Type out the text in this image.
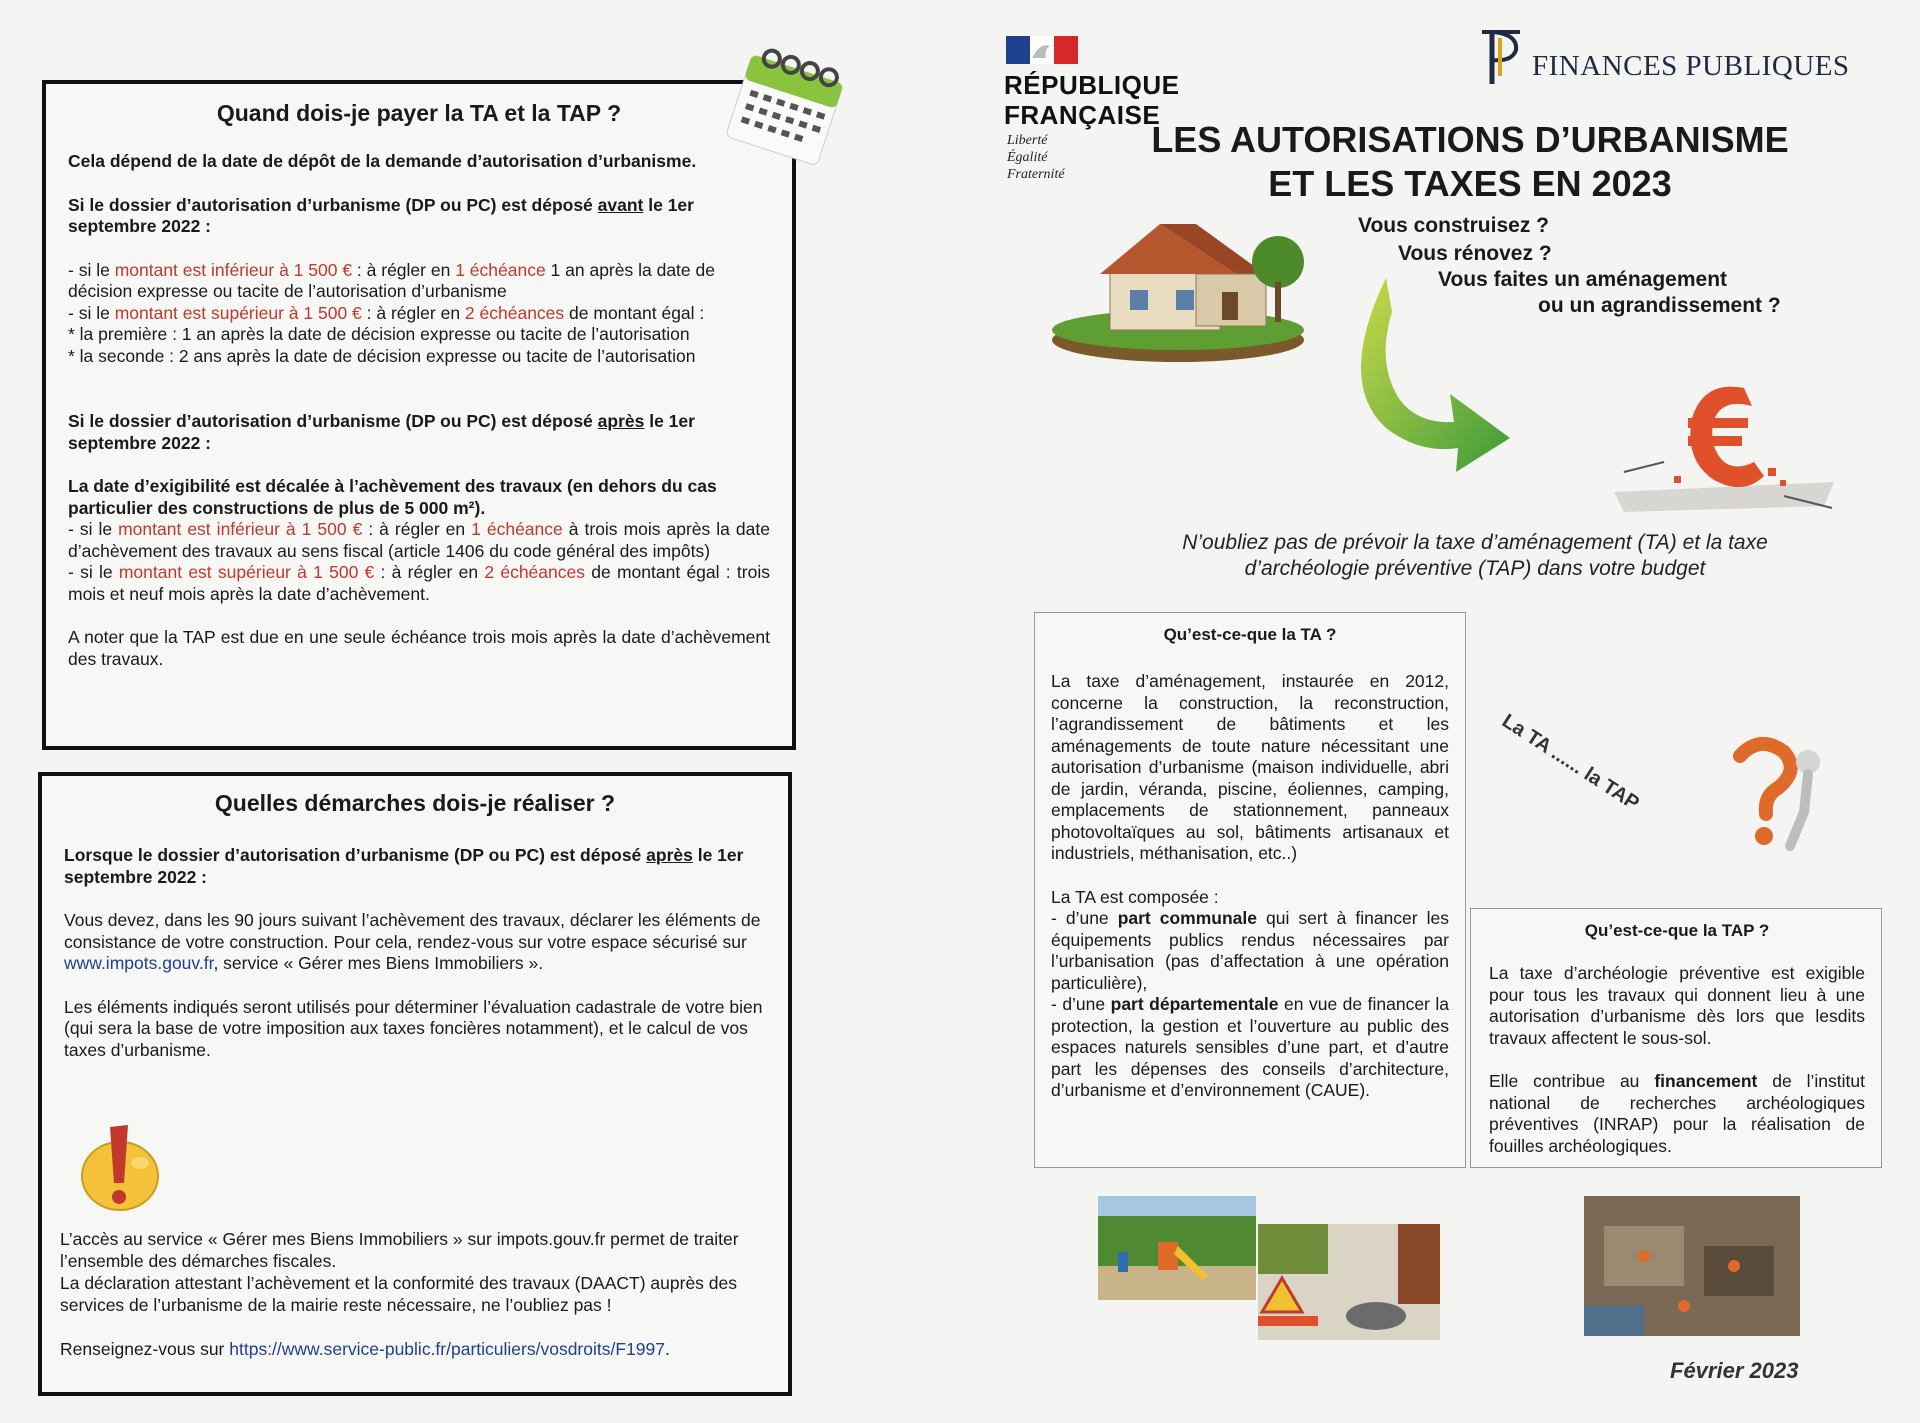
Quand dois-je payer la TA et la TAP ?

Cela dépend de la date de dépôt de la demande d’autorisation d’urbanisme.

Si le dossier d’autorisation d’urbanisme (DP ou PC) est déposé avant le 1er septembre 2022 :

- si le montant est inférieur à 1 500 € : à régler en 1 échéance 1 an après la date de décision expresse ou tacite de l’autorisation d’urbanisme

- si le montant est supérieur à 1 500 € : à régler en 2 échéances de montant égal :

* la première : 1 an après la date de décision expresse ou tacite de l’autorisation

* la seconde : 2 ans après la date de décision expresse ou tacite de l’autorisation

Si le dossier d’autorisation d’urbanisme (DP ou PC) est déposé après le 1er septembre 2022 :

La date d’exigibilité est décalée à l’achèvement des travaux (en dehors du cas particulier des constructions de plus de 5 000 m²).

- si le montant est inférieur à 1 500 € : à régler en 1 échéance à trois mois après la date d’achèvement des travaux au sens fiscal (article 1406 du code général des impôts)

- si le montant est supérieur à 1 500 € : à régler en 2 échéances de montant égal : trois mois et neuf mois après la date d’achèvement.

A noter que la TAP est due en une seule échéance trois mois après la date d’achèvement des travaux.

Quelles démarches dois-je réaliser ?

Lorsque le dossier d’autorisation d’urbanisme (DP ou PC) est déposé après le 1er septembre 2022 :

Vous devez, dans les 90 jours suivant l’achèvement des travaux, déclarer les éléments de consistance de votre construction. Pour cela, rendez-vous sur votre espace sécurisé sur www.impots.gouv.fr, service « Gérer mes Biens Immobiliers ».

Les éléments indiqués seront utilisés pour déterminer l’évaluation cadastrale de votre bien (qui sera la base de votre imposition aux taxes foncières notamment), et le calcul de vos taxes d’urbanisme.

L’accès au service « Gérer mes Biens Immobiliers » sur impots.gouv.fr permet de traiter l’ensemble des démarches fiscales.

La déclaration attestant l’achèvement et la conformité des travaux (DAACT) auprès des services de l’urbanisme de la mairie reste nécessaire, ne l’oubliez pas !

Renseignez-vous sur https://www.service-public.fr/particuliers/vosdroits/F1997.

RÉPUBLIQUE
FRANÇAISE
Liberté
Égalité
Fraternité
FINANCES PUBLIQUES
LES AUTORISATIONS D’URBANISME
ET LES TAXES EN 2023
Vous construisez ?
Vous rénovez ?
Vous faites un aménagement
ou un agrandissement ?
N’oubliez pas de prévoir la taxe d’aménagement (TA) et la taxe
d’archéologie préventive (TAP) dans votre budget
Qu’est-ce-que la TA ?

La taxe d’aménagement, instaurée en 2012, concerne la construction, la reconstruction, l’agrandissement de bâtiments et les aménagements de toute nature nécessitant une autorisation d’urbanisme (maison individuelle, abri de jardin, véranda, piscine, éoliennes, camping, emplacements de stationnement, panneaux photovoltaïques au sol, bâtiments artisanaux et industriels, méthanisation, etc..)

La TA est composée :

- d’une part communale qui sert à financer les équipements publics rendus nécessaires par l’urbanisation (pas d’affectation à une opération particulière),

- d’une part départementale en vue de financer la protection, la gestion et l’ouverture au public des espaces naturels sensibles d’une part, et d’autre part les dépenses des conseils d’architecture, d’urbanisme et d’environnement (CAUE).

La TA ...... la TAP
Qu’est-ce-que la TAP ?

La taxe d’archéologie préventive est exigible pour tous les travaux qui donnent lieu à une autorisation d’urbanisme dès lors que lesdits travaux affectent le sous-sol.

Elle contribue au financement de l’institut national de recherches archéologiques préventives (INRAP) pour la réalisation de fouilles archéologiques.

Février 2023
